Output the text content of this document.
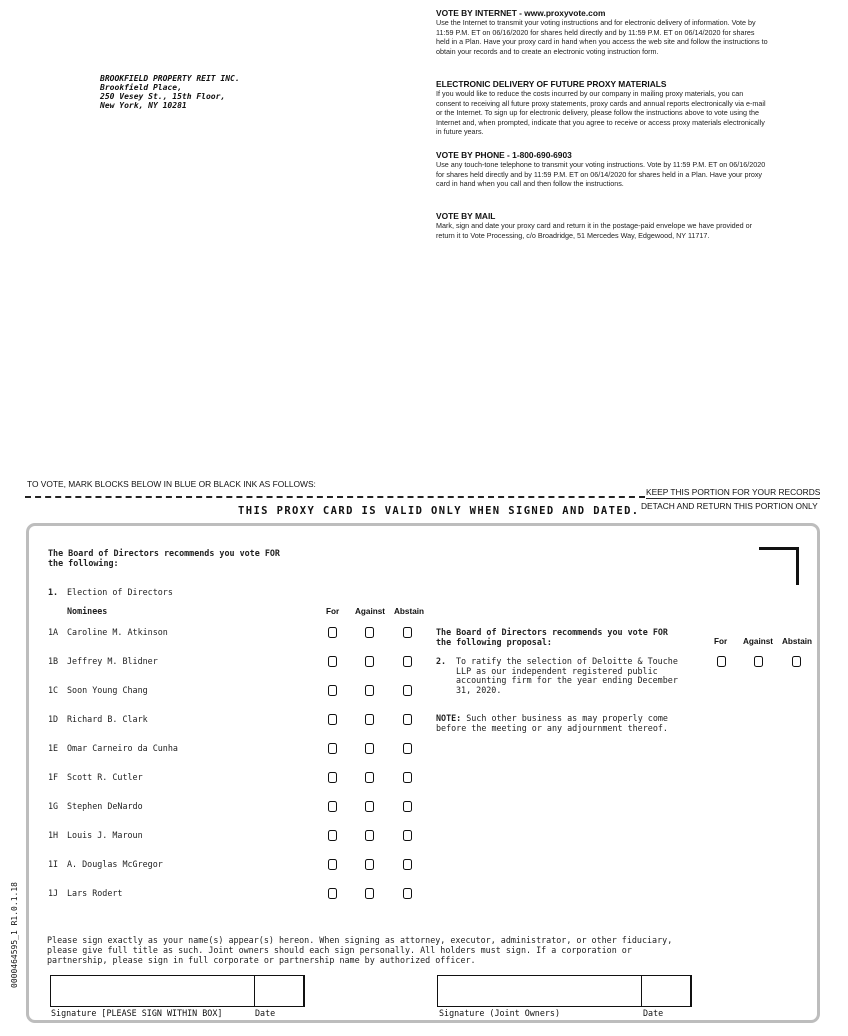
BROOKFIELD PROPERTY REIT INC.
Brookfield Place,
250 Vesey St., 15th Floor,
New York, NY 10281
VOTE BY INTERNET - www.proxyvote.com
Use the Internet to transmit your voting instructions and for electronic delivery of information. Vote by 11:59 P.M. ET on 06/16/2020 for shares held directly and by 11:59 P.M. ET on 06/14/2020 for shares held in a Plan. Have your proxy card in hand when you access the web site and follow the instructions to obtain your records and to create an electronic voting instruction form.
ELECTRONIC DELIVERY OF FUTURE PROXY MATERIALS
If you would like to reduce the costs incurred by our company in mailing proxy materials, you can consent to receiving all future proxy statements, proxy cards and annual reports electronically via e-mail or the Internet. To sign up for electronic delivery, please follow the instructions above to vote using the Internet and, when prompted, indicate that you agree to receive or access proxy materials electronically in future years.
VOTE BY PHONE - 1-800-690-6903
Use any touch-tone telephone to transmit your voting instructions. Vote by 11:59 P.M. ET on 06/16/2020 for shares held directly and by 11:59 P.M. ET on 06/14/2020 for shares held in a Plan. Have your proxy card in hand when you call and then follow the instructions.
VOTE BY MAIL
Mark, sign and date your proxy card and return it in the postage-paid envelope we have provided or return it to Vote Processing, c/o Broadridge, 51 Mercedes Way, Edgewood, NY 11717.
TO VOTE, MARK BLOCKS BELOW IN BLUE OR BLACK INK AS FOLLOWS:
KEEP THIS PORTION FOR YOUR RECORDS
DETACH AND RETURN THIS PORTION ONLY
THIS PROXY CARD IS VALID ONLY WHEN SIGNED AND DATED.
The Board of Directors recommends you vote FOR
the following:
1. Election of Directors
Nominees	For Against Abstain
1A Caroline M. Atkinson
1B Jeffrey M. Blidner
1C Soon Young Chang
1D Richard B. Clark
1E Omar Carneiro da Cunha
1F Scott R. Cutler
1G Stephen DeNardo
1H Louis J. Maroun
1I A. Douglas McGregor
1J Lars Rodert
The Board of Directors recommends you vote FOR
the following proposal:	For Against Abstain
2. To ratify the selection of Deloitte & Touche
LLP as our independent registered public
accounting firm for the year ending December
31, 2020.
NOTE: Such other business as may properly come
before the meeting or any adjournment thereof.
Please sign exactly as your name(s) appear(s) hereon. When signing as attorney, executor, administrator, or other fiduciary,
please give full title as such. Joint owners should each sign personally. All holders must sign. If a corporation or
partnership, please sign in full corporate or partnership name by authorized officer.
Signature [PLEASE SIGN WITHIN BOX]	Date	Signature (Joint Owners)	Date
0000464595_1 R1.0.1.18
